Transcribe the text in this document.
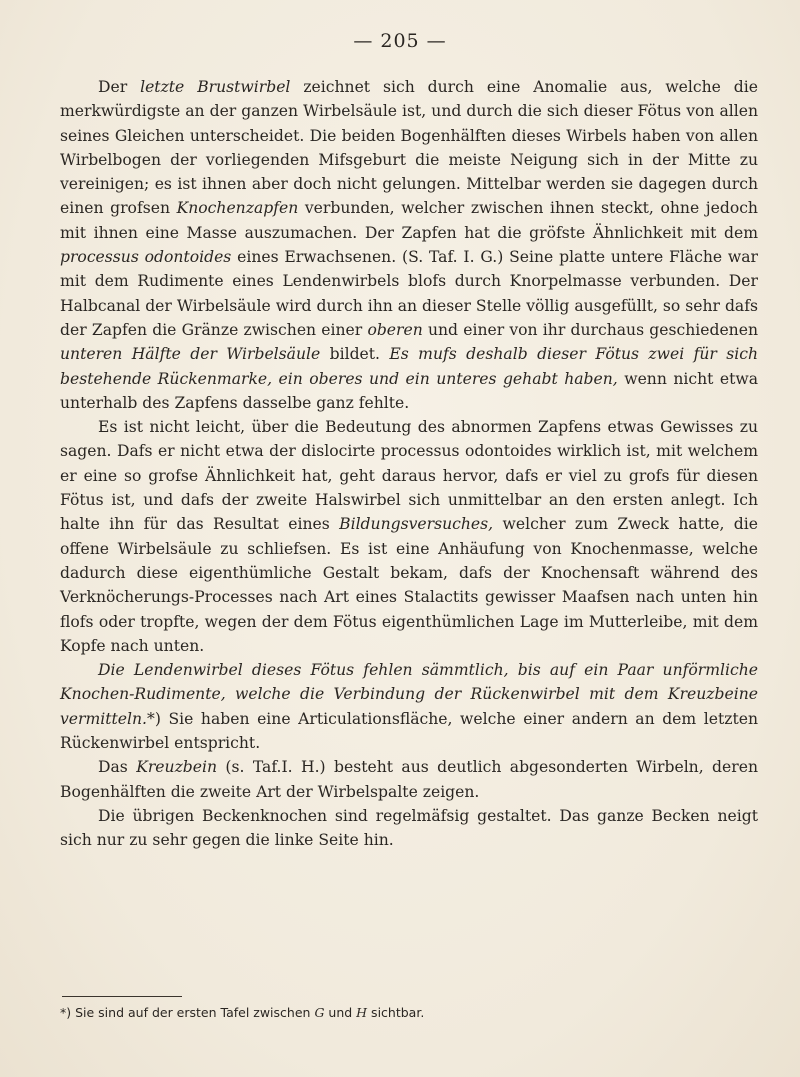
— 205 —

Der letzte Brustwirbel zeichnet sich durch eine Anomalie aus, welche die merkwürdigste an der ganzen Wirbelsäule ist, und durch die sich dieser Fötus von allen seines Gleichen unterscheidet. Die beiden Bogenhälften dieses Wirbels haben von allen Wirbelbogen der vorliegenden Mifsgeburt die meiste Neigung sich in der Mitte zu vereinigen; es ist ihnen aber doch nicht gelungen. Mittelbar werden sie dagegen durch einen grofsen Knochenzapfen verbunden, welcher zwischen ihnen steckt, ohne jedoch mit ihnen eine Masse auszumachen. Der Zapfen hat die gröfste Ähnlichkeit mit dem processus odontoides eines Erwachsenen. (S. Taf. I. G.) Seine platte untere Fläche war mit dem Rudimente eines Lendenwirbels blofs durch Knorpelmasse verbunden. Der Halbcanal der Wirbelsäule wird durch ihn an dieser Stelle völlig ausgefüllt, so sehr dafs der Zapfen die Gränze zwischen einer oberen und einer von ihr durchaus geschiedenen unteren Hälfte der Wirbelsäule bildet. Es mufs deshalb dieser Fötus zwei für sich bestehende Rückenmarke, ein oberes und ein unteres gehabt haben, wenn nicht etwa unterhalb des Zapfens dasselbe ganz fehlte.

Es ist nicht leicht, über die Bedeutung des abnormen Zapfens etwas Gewisses zu sagen. Dafs er nicht etwa der dislocirte processus odontoides wirklich ist, mit welchem er eine so grofse Ähnlichkeit hat, geht daraus hervor, dafs er viel zu grofs für diesen Fötus ist, und dafs der zweite Halswirbel sich unmittelbar an den ersten anlegt. Ich halte ihn für das Resultat eines Bildungsversuches, welcher zum Zweck hatte, die offene Wirbelsäule zu schliefsen. Es ist eine Anhäufung von Knochenmasse, welche dadurch diese eigenthümliche Gestalt bekam, dafs der Knochensaft während des Verknöcherungs-Processes nach Art eines Stalactits gewisser Maafsen nach unten hin flofs oder tropfte, wegen der dem Fötus eigenthümlichen Lage im Mutterleibe, mit dem Kopfe nach unten.

Die Lendenwirbel dieses Fötus fehlen sämmtlich, bis auf ein Paar unförmliche Knochen-Rudimente, welche die Verbindung der Rückenwirbel mit dem Kreuzbeine vermitteln.*) Sie haben eine Articulationsfläche, welche einer andern an dem letzten Rückenwirbel entspricht.

Das Kreuzbein (s. Taf.I. H.) besteht aus deutlich abgesonderten Wirbeln, deren Bogenhälften die zweite Art der Wirbelspalte zeigen.

Die übrigen Beckenknochen sind regelmäfsig gestaltet. Das ganze Becken neigt sich nur zu sehr gegen die linke Seite hin.

*) Sie sind auf der ersten Tafel zwischen G und H sichtbar.
